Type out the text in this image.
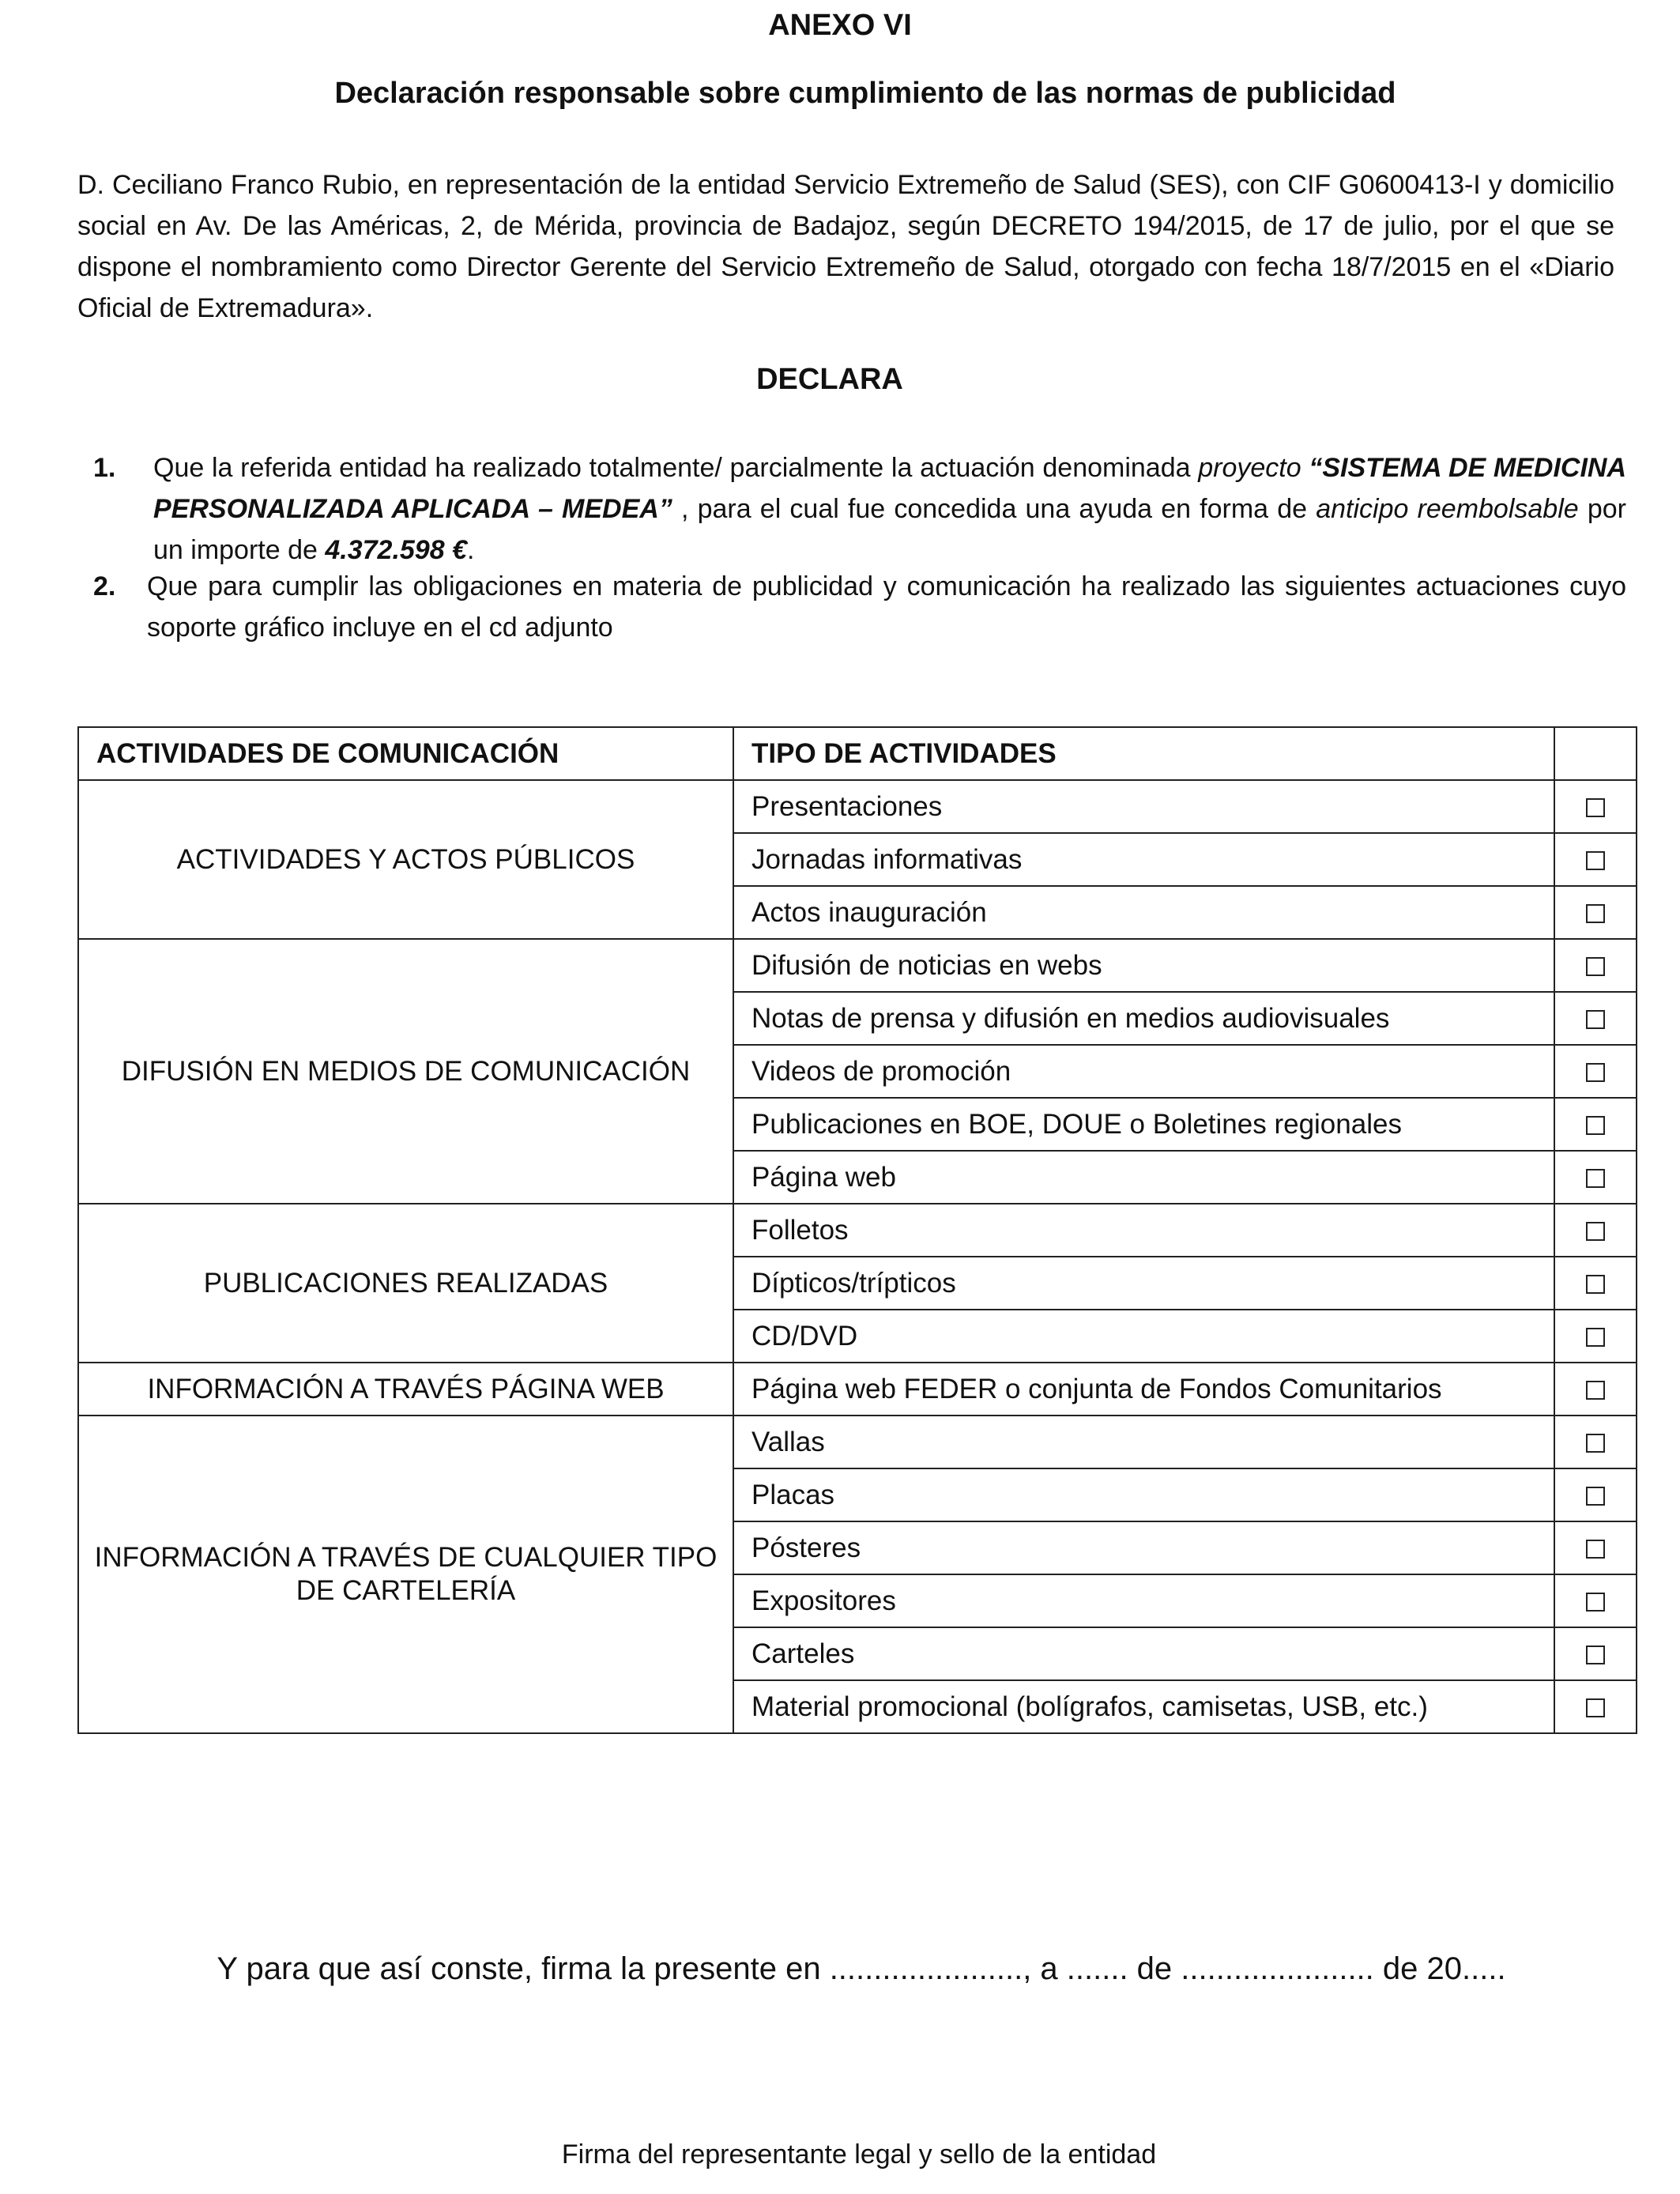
ANEXO VI
Declaración responsable sobre cumplimiento de las normas de publicidad
D. Ceciliano Franco Rubio, en representación de la entidad Servicio Extremeño de Salud (SES), con CIF G0600413-I y domicilio social en Av. De las Américas, 2, de Mérida, provincia de Badajoz, según DECRETO 194/2015, de 17 de julio, por el que se dispone el nombramiento como Director Gerente del Servicio Extremeño de Salud, otorgado con fecha 18/7/2015 en el «Diario Oficial de Extremadura».
DECLARA
1. Que la referida entidad ha realizado totalmente/ parcialmente la actuación denominada proyecto “SISTEMA DE MEDICINA PERSONALIZADA APLICADA – MEDEA” , para el cual fue concedida una ayuda en forma de anticipo reembolsable por un importe de 4.372.598 €.
2. Que para cumplir las obligaciones en materia de publicidad y comunicación ha realizado las siguientes actuaciones cuyo soporte gráfico incluye en el cd adjunto
ACTIVIDADES DE COMUNICACIÓN	TIPO DE ACTIVIDADES	
ACTIVIDADES Y ACTOS PÚBLICOS	Presentaciones	
	Jornadas informativas	
	Actos inauguración	
DIFUSIÓN EN MEDIOS DE COMUNICACIÓN	Difusión de noticias en webs	
	Notas de prensa y difusión en medios audiovisuales	
	Videos de promoción	
	Publicaciones en BOE, DOUE o Boletines regionales	
	Página web	
PUBLICACIONES REALIZADAS	Folletos	
	Dípticos/trípticos	
	CD/DVD	
INFORMACIÓN A TRAVÉS PÁGINA WEB	Página web FEDER o conjunta de Fondos Comunitarios	
INFORMACIÓN A TRAVÉS DE CUALQUIER TIPO DE CARTELERÍA	Vallas	
	Placas	
	Pósteres	
	Expositores	
	Carteles	
	Material promocional (bolígrafos, camisetas, USB, etc.)	
Y para que así conste, firma la presente en ......................, a ....... de ...................... de 20.....
Firma del representante legal y sello de la entidad
